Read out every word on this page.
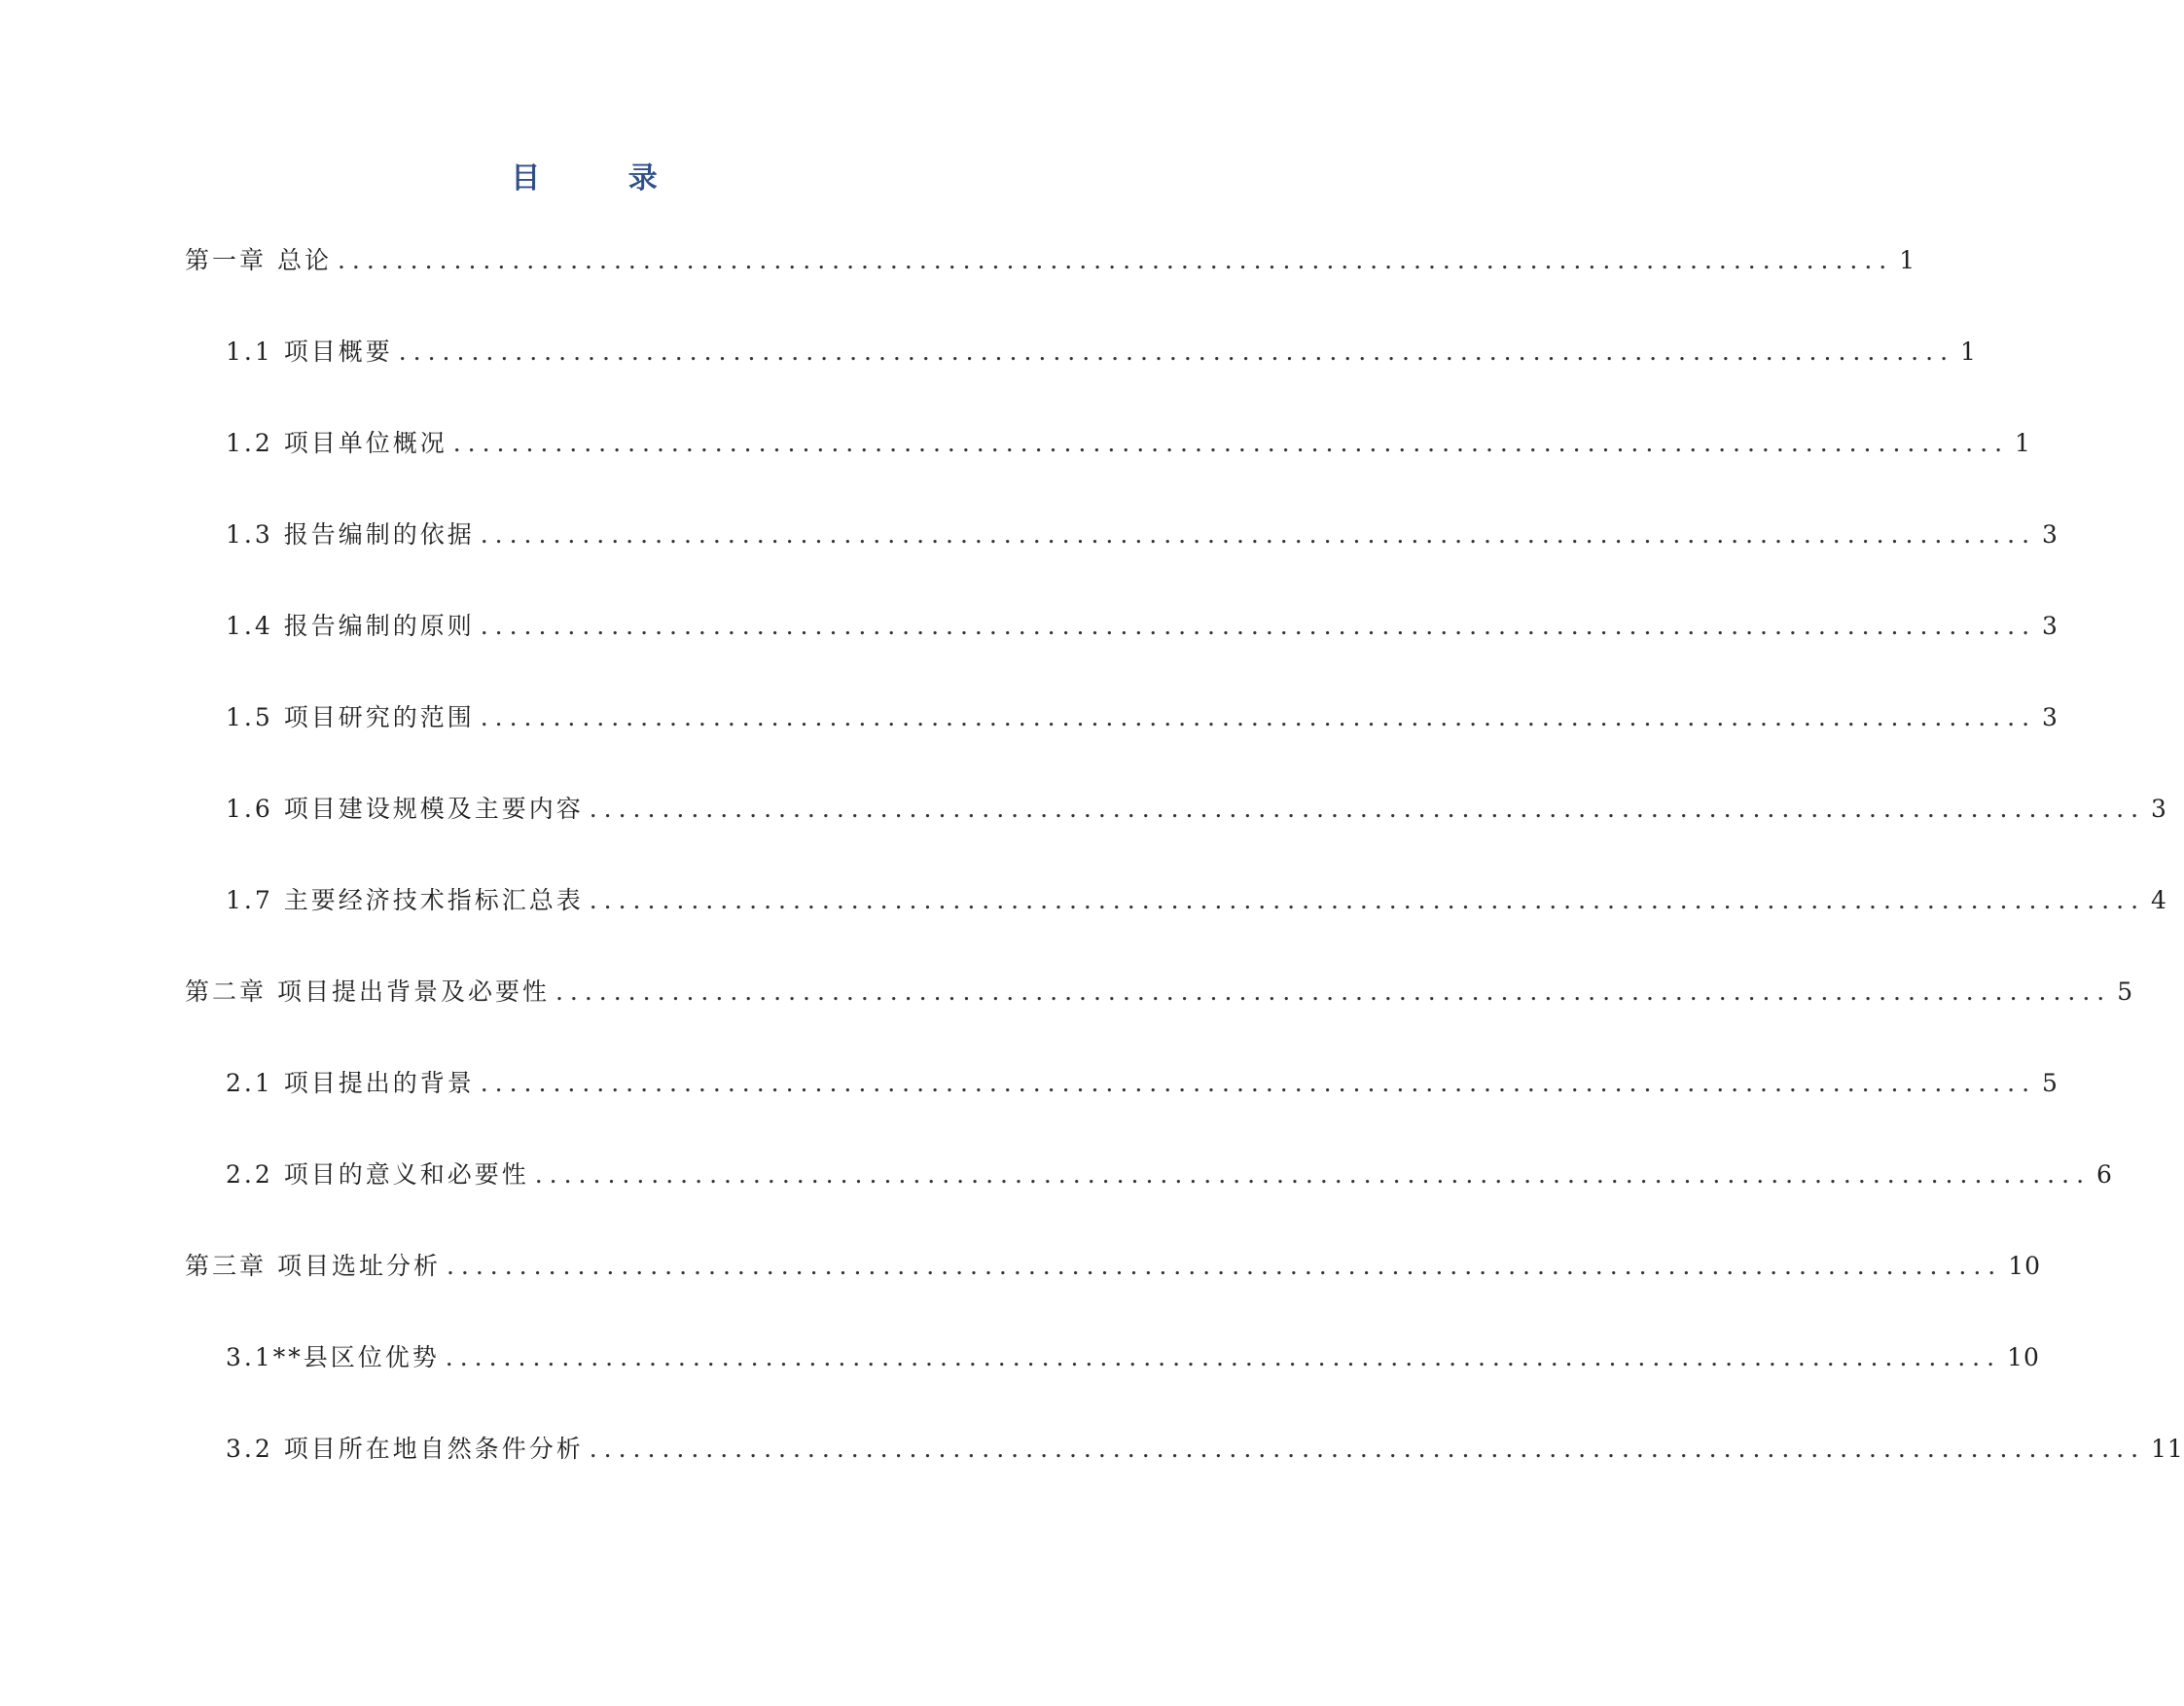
目 录
第一章 总论 ........................................................................................................... 1
1.1 项目概要 ........................................................................................................... 1
1.2 项目单位概况 ........................................................................................................... 1
1.3 报告编制的依据 ........................................................................................................... 3
1.4 报告编制的原则 ........................................................................................................... 3
1.5 项目研究的范围 ........................................................................................................... 3
1.6 项目建设规模及主要内容 ........................................................................................................... 3
1.7 主要经济技术指标汇总表 ........................................................................................................... 4
第二章 项目提出背景及必要性 ........................................................................................................... 5
2.1 项目提出的背景 ........................................................................................................... 5
2.2 项目的意义和必要性 ........................................................................................................... 6
第三章 项目选址分析 ........................................................................................................... 10
3.1**县区位优势 ........................................................................................................... 10
3.2 项目所在地自然条件分析 ........................................................................................................... 11
